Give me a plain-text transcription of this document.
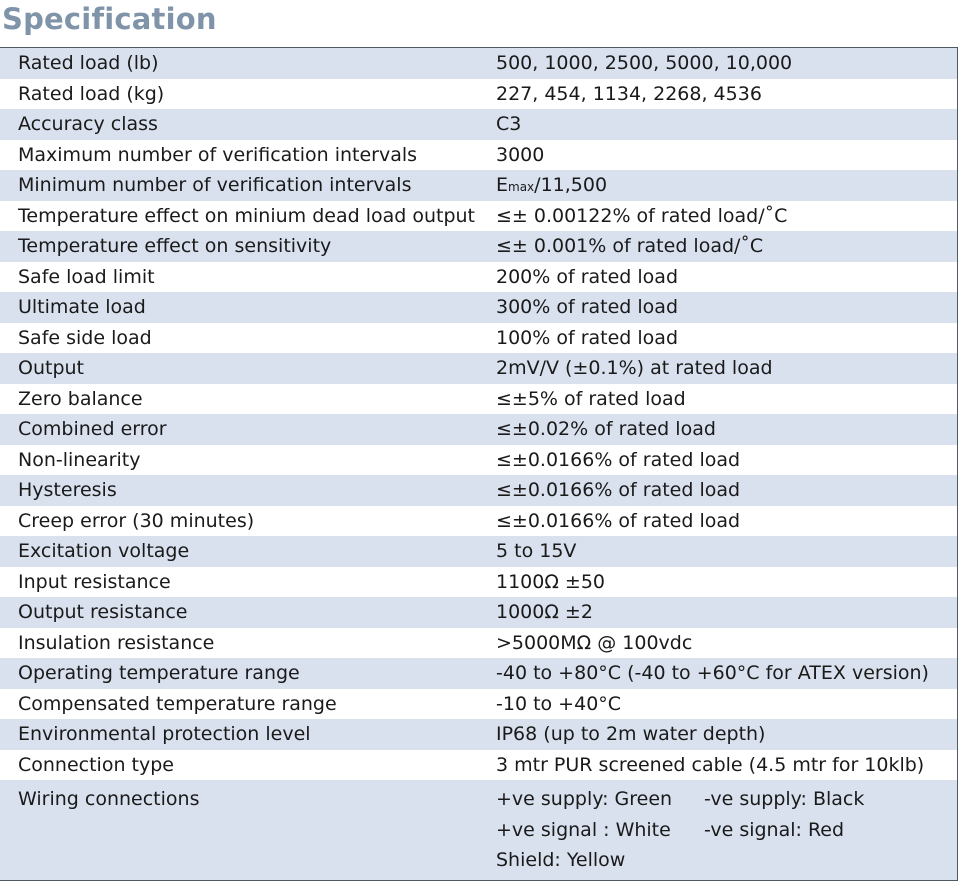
Specification
Rated load (lb)	500, 1000, 2500, 5000, 10,000
Rated load (kg)	227, 454, 1134, 2268, 4536
Accuracy class	C3
Maximum number of verification intervals	3000
Minimum number of verification intervals	Emax/11,500
Temperature effect on minium dead load output	≤± 0.00122% of rated load/˚C
Temperature effect on sensitivity	≤± 0.001% of rated load/˚C
Safe load limit	200% of rated load
Ultimate load	300% of rated load
Safe side load	100% of rated load
Output	2mV/V (±0.1%) at rated load
Zero balance	≤±5% of rated load
Combined error	≤±0.02% of rated load
Non-linearity	≤±0.0166% of rated load
Hysteresis	≤±0.0166% of rated load
Creep error (30 minutes)	≤±0.0166% of rated load
Excitation voltage	5 to 15V
Input resistance	1100Ω ±50
Output resistance	1000Ω ±2
Insulation resistance	>5000MΩ @ 100vdc
Operating temperature range	-40 to +80°C (-40 to +60°C for ATEX version)
Compensated temperature range	-10 to +40°C
Environmental protection level	IP68 (up to 2m water depth)
Connection type	3 mtr PUR screened cable (4.5 mtr for 10klb)

Wiring connections	+ve supply: Green -ve supply: Black
+ve signal : White -ve signal: Red
Shield: Yellow
